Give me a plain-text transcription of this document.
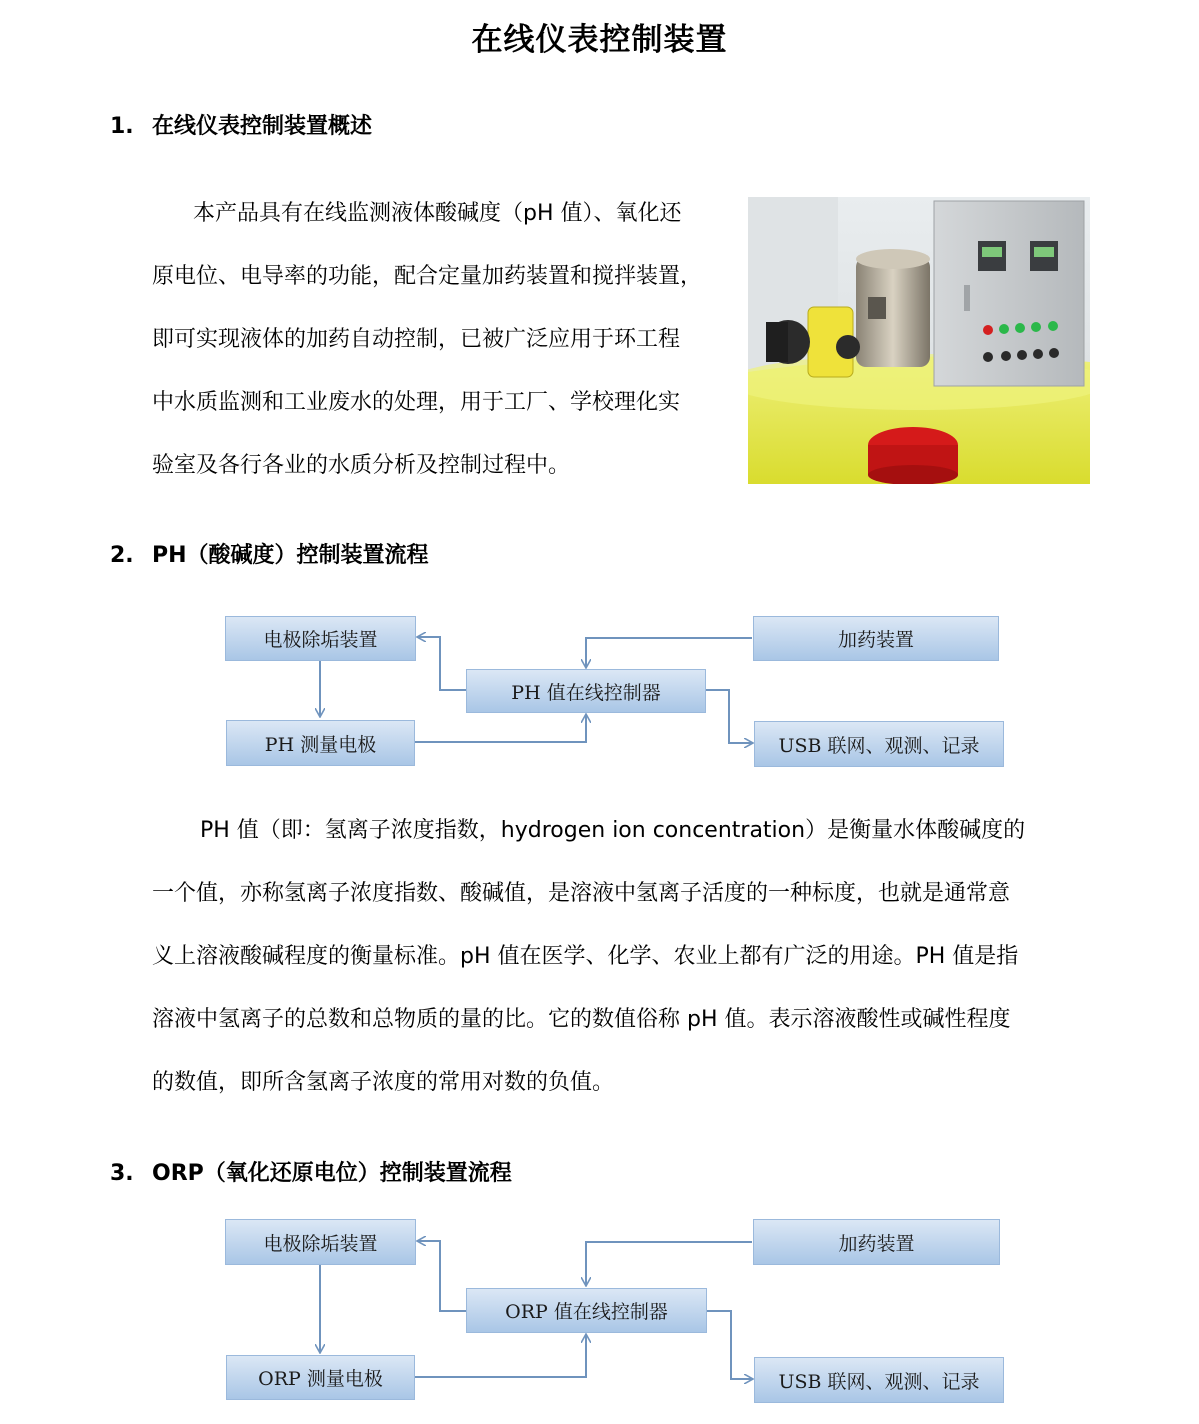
在线仪表控制装置
1. 在线仪表控制装置概述
本产品具有在线监测液体酸碱度（pH 值）、氧化还
原电位、电导率的功能，配合定量加药装置和搅拌装置，
即可实现液体的加药自动控制，已被广泛应用于环工程
中水质监测和工业废水的处理，用于工厂、学校理化实
验室及各行各业的水质分析及控制过程中。
2. PH（酸碱度）控制装置流程
电极除垢装置	加药装置
PH 值在线控制器
PH 测量电极	USB 联网、观测、记录
PH 值（即：氢离子浓度指数，hydrogen ion concentration）是衡量水体酸碱度的
一个值，亦称氢离子浓度指数、酸碱值，是溶液中氢离子活度的一种标度，也就是通常意
义上溶液酸碱程度的衡量标准。pH 值在医学、化学、农业上都有广泛的用途。PH 值是指
溶液中氢离子的总数和总物质的量的比。它的数值俗称 pH 值。表示溶液酸性或碱性程度
的数值，即所含氢离子浓度的常用对数的负值。
3. ORP（氧化还原电位）控制装置流程
电极除垢装置	加药装置
ORP 值在线控制器
ORP 测量电极	USB 联网、观测、记录
